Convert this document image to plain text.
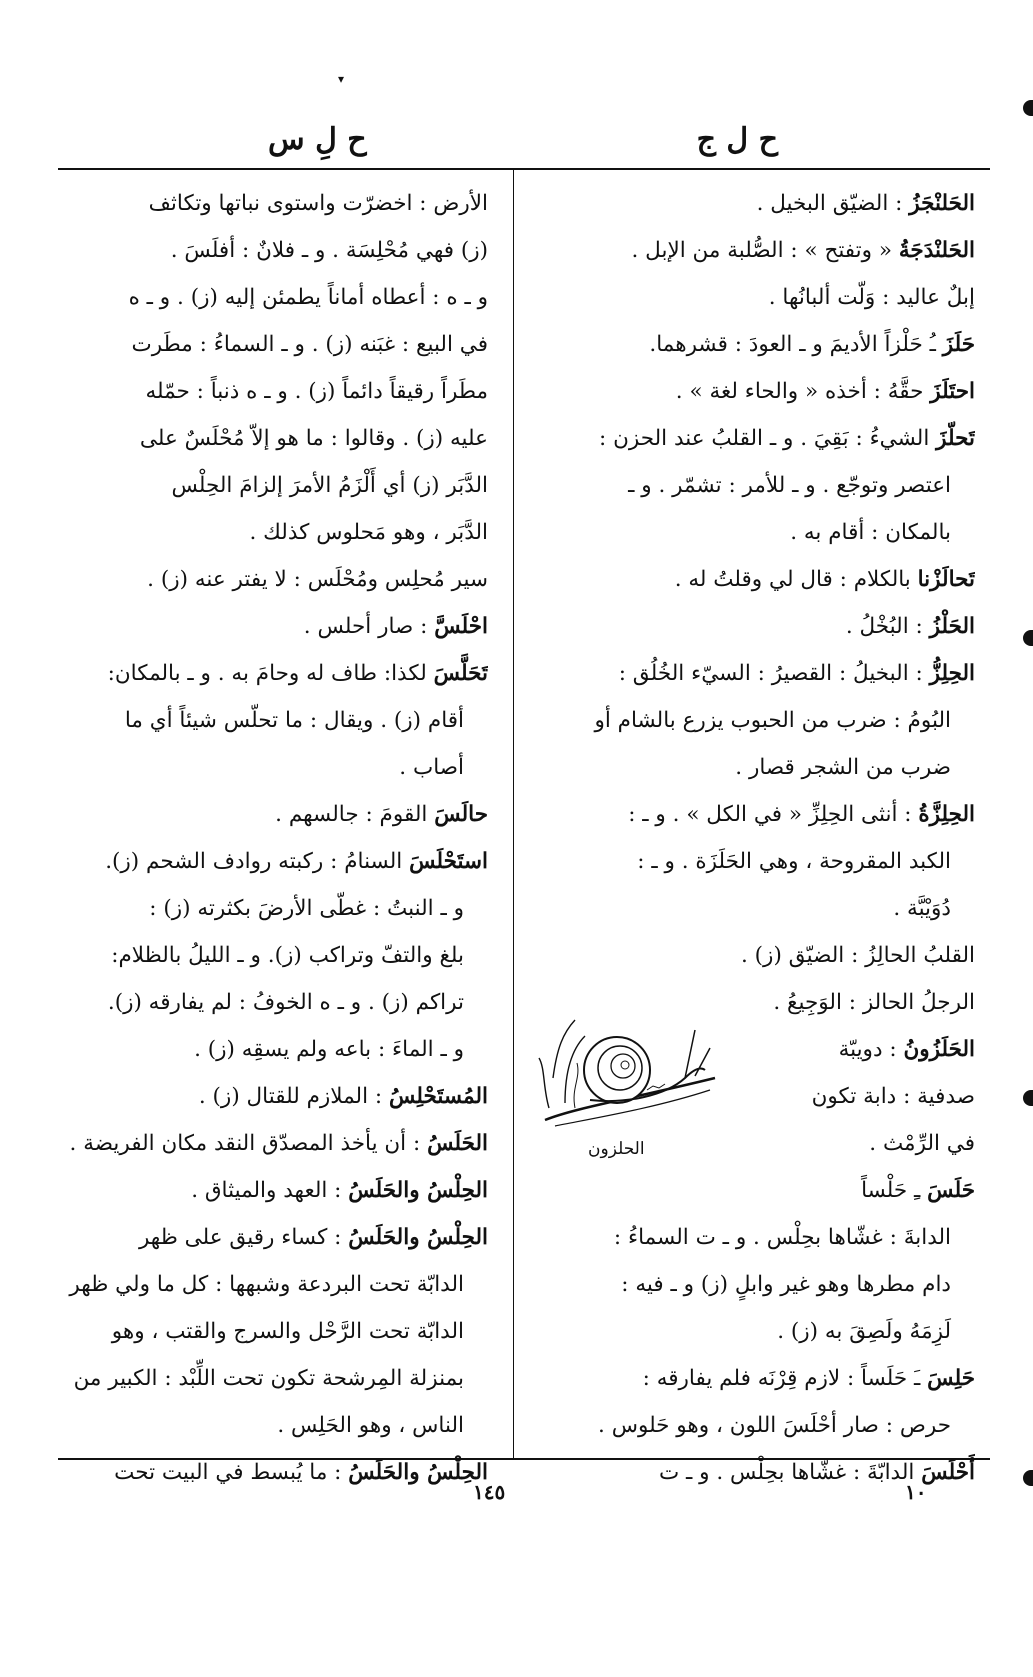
▾
ح ل ج
ح لِ س
الحَلنْجَزُ : الضيّق البخيل .
الحَلنْدَجَةُ « وتفتح » : الصُّلبة من الإبل .
إبلٌ عاليد : وَلّت ألبانُها .
حَلَزَ ـُ حَلْزاً الأديمَ و ـ العودَ : قشرهما.
احتَلَزَ حقَّهُ : أخذه « والحاء لغة » .
تَحلّزَ الشيءُ : بَقِيَ . و ـ القلبُ عند الحزن :
اعتصر وتوجّع . و ـ للأمر : تشمّر . و ـ
بالمكان : أقام به .
تَحالَزْنا بالكلام : قال لي وقلتُ له .
الحَلْزُ : البُخْلُ .
الحِلِزُّ : البخيلُ : القصيرُ : السيّء الخُلُق :
البُومُ : ضرب من الحبوب يزرع بالشام أو
ضرب من الشجر قصار .
الحِلِزَّةُ : أنثى الحِلِزِّ « في الكل » . و ـ :
الكبد المقروحة ، وهي الحَلَزَة . و ـ :
دُوَيْبَّة .
القلبُ الحالِزُ : الضيّق (ز) .
الرجلُ الحالز : الوَجِيعُ .
الحَلَزُونُ : دويبّة
صدفية : دابة تكون
في الرِّمْث .
حَلَسَ ـِ حَلْساً
الدابةَ : غشّاها بحِلْس . و ـ ت السماءُ :
دام مطرها وهو غير وابلٍ (ز) و ـ فيه :
لَزِمَهُ ولَصِقَ به (ز) .
حَلِسَ ـَ حَلَساً : لازم قِرْنَه فلم يفارقه :
حرص : صار أحْلَسَ اللون ، وهو حَلوس .
أَحْلَسَ الدابّةَ : غشّاها بحِلْس . و ـ ت
الأرض : اخضرّت واستوى نباتها وتكاثف
(ز) فهي مُحْلِسَة . و ـ فلانٌ : أفلَسَ .
و ـ ه : أعطاه أماناً يطمئن إليه (ز) . و ـ ه
في البيع : غبَنه (ز) . و ـ السماءُ : مطَرت
مطَراً رقيقاً دائماً (ز) . و ـ ه ذنباً : حمّله
عليه (ز) . وقالوا : ما هو إلاّ مُحْلَسٌ على
الدَّبَر (ز) أي أَلْزَمُ الأمرَ إلزامَ الحِلْس
الدَّبَر ، وهو مَحلوس كذلك .
سير مُحلِس ومُحْلَس : لا يفتر عنه (ز) .
احْلَسَّ : صار أحلس .
تَحَلَّسَ لكذا: طاف له وحامَ به . و ـ بالمكان:
أقام (ز) . ويقال : ما تحلّس شيئاً أي ما
أصاب .
حالَسَ القومَ : جالسهم .
استَحْلَسَ السنامُ : ركبته روادف الشحم (ز).
و ـ النبتُ : غطّى الأرضَ بكثرته (ز) :
بلغ والتفّ وتراكب (ز). و ـ الليلُ بالظلام:
تراكم (ز) . و ـ ه الخوفُ : لم يفارقه (ز).
و ـ الماءَ : باعه ولم يسقِه (ز) .
المُستَحْلِسُ : الملازم للقتال (ز) .
الحَلَسُ : أن يأخذ المصدّق النقد مكان الفريضة .
الحِلْسُ والحَلَسُ : العهد والميثاق .
الحِلْسُ والحَلَسُ : كساء رقيق على ظهر
الدابّة تحت البردعة وشبهها : كل ما ولي ظهر
الدابّة تحت الرَّحْل والسرج والقتب ، وهو
بمنزلة المِرشحة تكون تحت اللِّبْد : الكبير من
الناس ، وهو الحَلِس .
الحِلْسُ والحَلَسُ : ما يُبسط في البيت تحت
الحلزون
١٤٥	١٠
